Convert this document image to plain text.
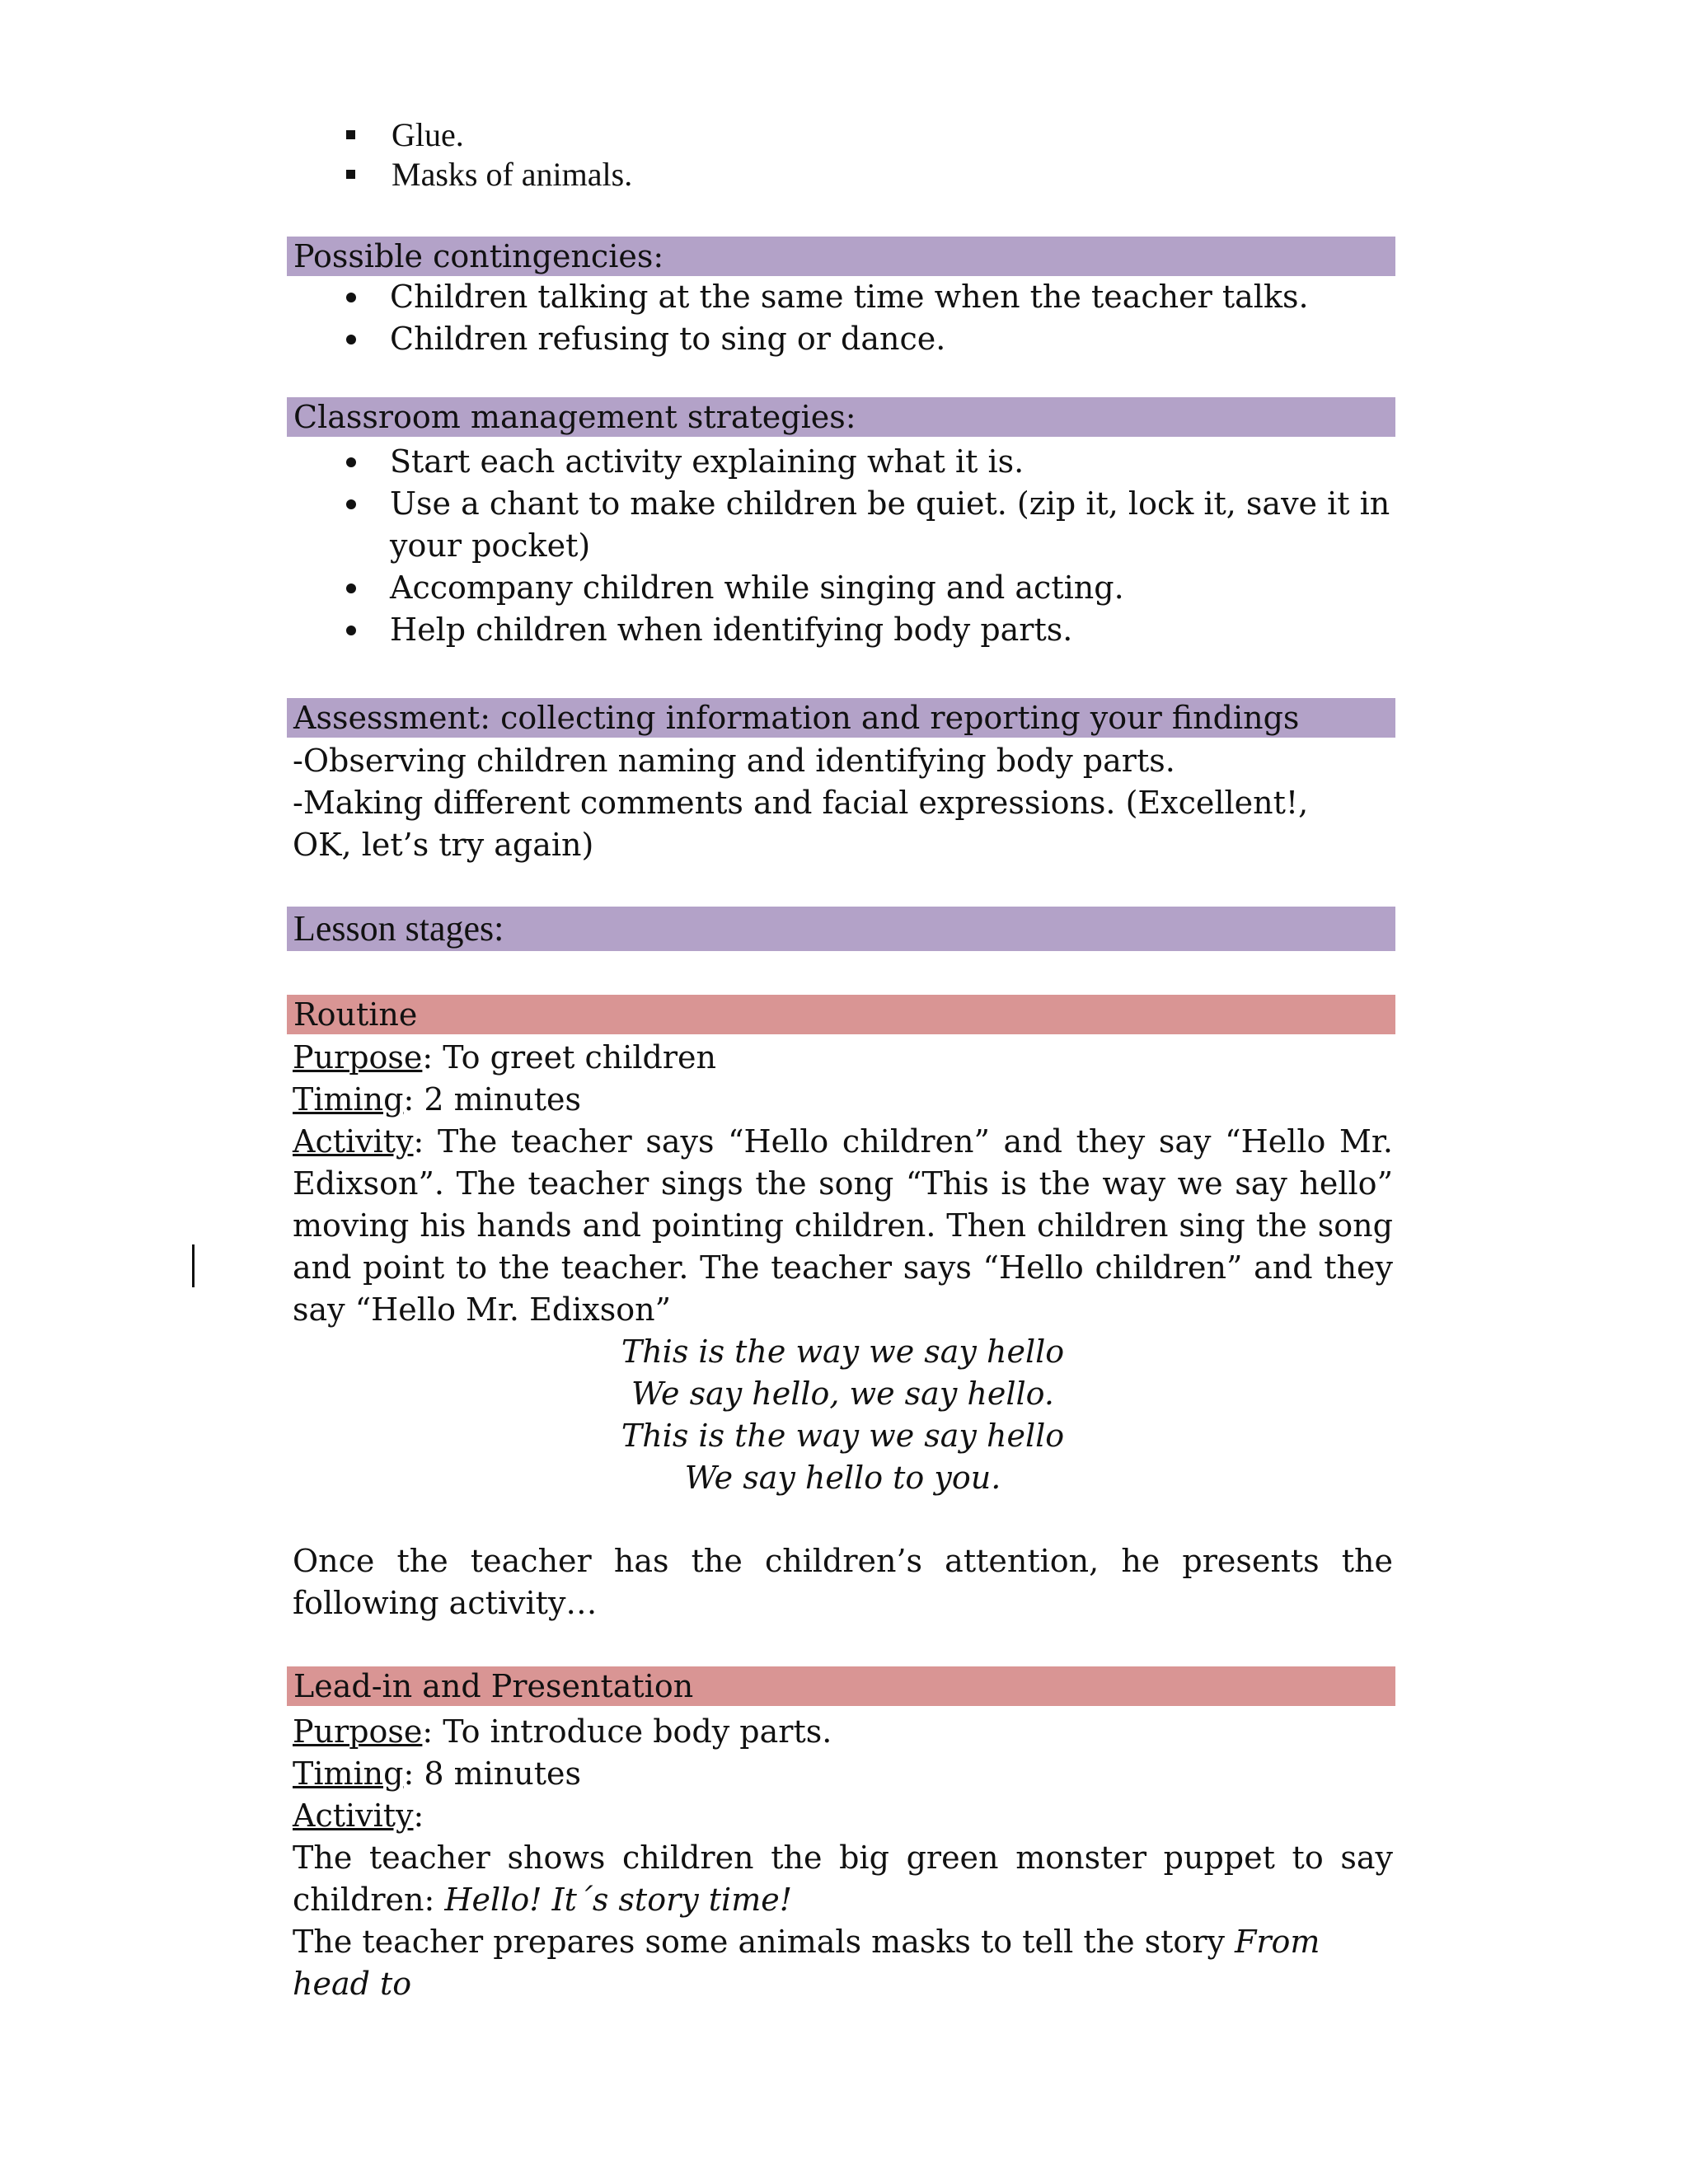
Glue.
Masks of animals.
Possible contingencies:
Children talking at the same time when the teacher talks.
Children refusing to sing or dance.
Classroom management strategies:
Start each activity explaining what it is.
Use a chant to make children be quiet. (zip it, lock it, save it in your pocket)
Accompany children while singing and acting.
Help children when identifying body parts.
Assessment: collecting information and reporting your findings

-Observing children naming and identifying body parts.

-Making different comments and facial expressions. (Excellent!, OK, let’s try again)

Lesson stages:
Routine

Purpose: To greet children

Timing: 2 minutes

Activity: The teacher says “Hello children” and they say “Hello Mr. Edixson”. The teacher sings the song “This is the way we say hello” moving his hands and pointing children. Then children sing the song and point to the teacher. The teacher says “Hello children” and they say “Hello Mr. Edixson”

This is the way we say hello
We say hello, we say hello.
This is the way we say hello
We say hello to you.

Once the teacher has the children’s attention, he presents the following activity…

Lead-in and Presentation

Purpose: To introduce body parts.

Timing: 8 minutes

Activity:

The teacher shows children the big green monster puppet to say children: Hello! It´s story time!

The teacher prepares some animals masks to tell the story From head to
